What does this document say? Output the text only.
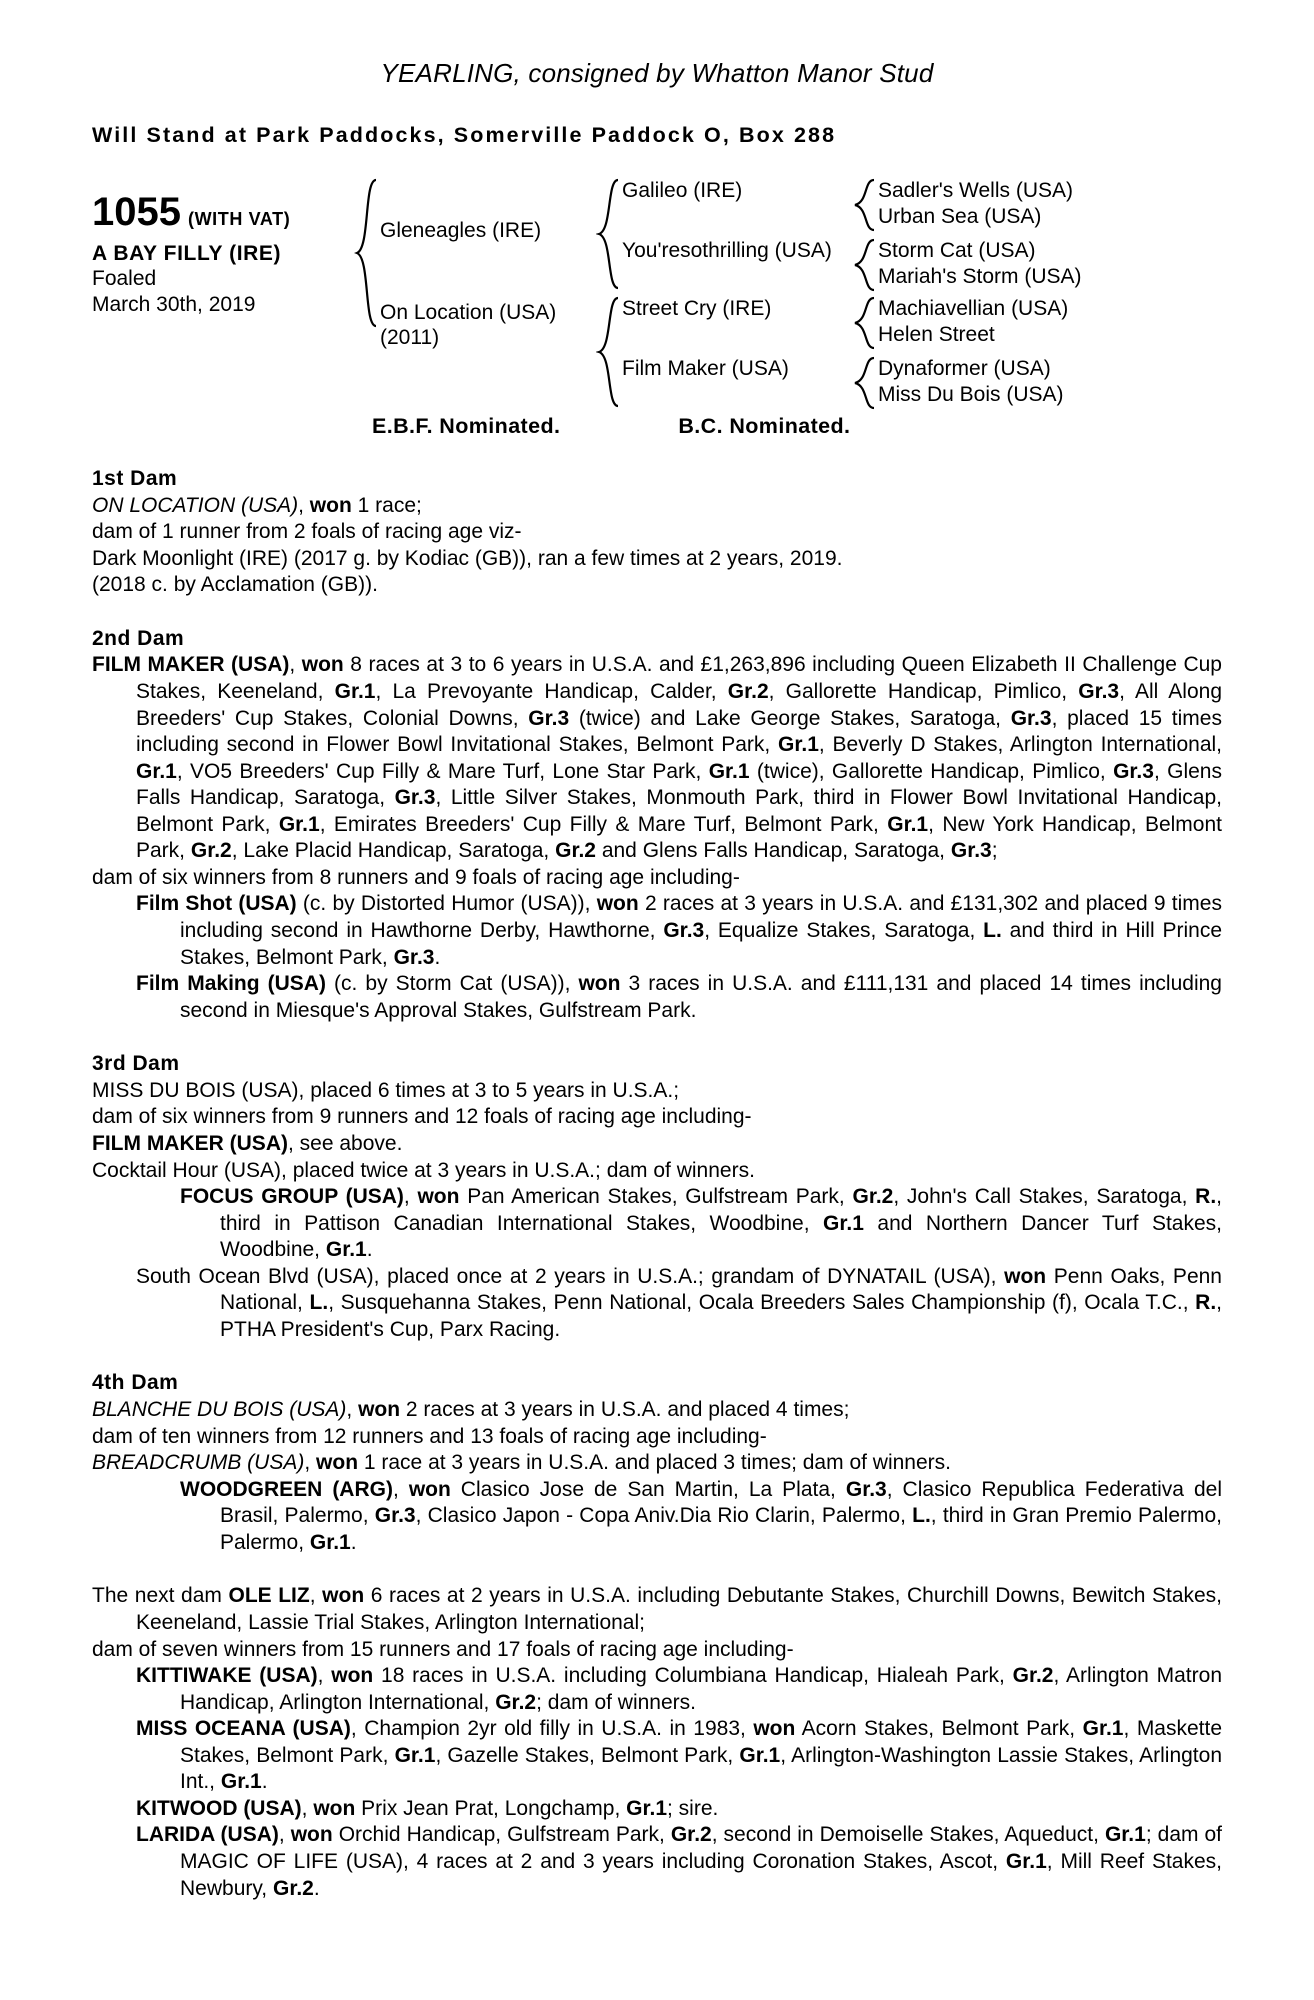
YEARLING, consigned by Whatton Manor Stud
Will Stand at Park Paddocks, Somerville Paddock O, Box 288
1055 (WITH VAT)
A BAY FILLY (IRE)
Foaled
March 30th, 2019
Gleneagles (IRE)
On Location (USA)
(2011)
Galileo (IRE)	Sadler's Wells (USA)
Urban Sea (USA)
You'resothrilling (USA)	Storm Cat (USA)
Mariah's Storm (USA)
Street Cry (IRE)	Machiavellian (USA)
Helen Street
Film Maker (USA)	Dynaformer (USA)
Miss Du Bois (USA)
E.B.F. Nominated.	B.C. Nominated.
1st Dam

ON LOCATION (USA), won 1 race;

dam of 1 runner from 2 foals of racing age viz-

Dark Moonlight (IRE) (2017 g. by Kodiac (GB)), ran a few times at 2 years, 2019.

(2018 c. by Acclamation (GB)).

2nd Dam

FILM MAKER (USA), won 8 races at 3 to 6 years in U.S.A. and £1,263,896 including Queen Elizabeth II Challenge Cup Stakes, Keeneland, Gr.1, La Prevoyante Handicap, Calder, Gr.2, Gallorette Handicap, Pimlico, Gr.3, All Along Breeders' Cup Stakes, Colonial Downs, Gr.3 (twice) and Lake George Stakes, Saratoga, Gr.3, placed 15 times including second in Flower Bowl Invitational Stakes, Belmont Park, Gr.1, Beverly D Stakes, Arlington International, Gr.1, VO5 Breeders' Cup Filly & Mare Turf, Lone Star Park, Gr.1 (twice), Gallorette Handicap, Pimlico, Gr.3, Glens Falls Handicap, Saratoga, Gr.3, Little Silver Stakes, Monmouth Park, third in Flower Bowl Invitational Handicap, Belmont Park, Gr.1, Emirates Breeders' Cup Filly & Mare Turf, Belmont Park, Gr.1, New York Handicap, Belmont Park, Gr.2, Lake Placid Handicap, Saratoga, Gr.2 and Glens Falls Handicap, Saratoga, Gr.3;

dam of six winners from 8 runners and 9 foals of racing age including-

Film Shot (USA) (c. by Distorted Humor (USA)), won 2 races at 3 years in U.S.A. and £131,302 and placed 9 times including second in Hawthorne Derby, Hawthorne, Gr.3, Equalize Stakes, Saratoga, L. and third in Hill Prince Stakes, Belmont Park, Gr.3.

Film Making (USA) (c. by Storm Cat (USA)), won 3 races in U.S.A. and £111,131 and placed 14 times including second in Miesque's Approval Stakes, Gulfstream Park.

3rd Dam

MISS DU BOIS (USA), placed 6 times at 3 to 5 years in U.S.A.;

dam of six winners from 9 runners and 12 foals of racing age including-

FILM MAKER (USA), see above.

Cocktail Hour (USA), placed twice at 3 years in U.S.A.; dam of winners.

FOCUS GROUP (USA), won Pan American Stakes, Gulfstream Park, Gr.2, John's Call Stakes, Saratoga, R., third in Pattison Canadian International Stakes, Woodbine, Gr.1 and Northern Dancer Turf Stakes, Woodbine, Gr.1.

South Ocean Blvd (USA), placed once at 2 years in U.S.A.; grandam of DYNATAIL (USA), won Penn Oaks, Penn National, L., Susquehanna Stakes, Penn National, Ocala Breeders Sales Championship (f), Ocala T.C., R., PTHA President's Cup, Parx Racing.

4th Dam

BLANCHE DU BOIS (USA), won 2 races at 3 years in U.S.A. and placed 4 times;

dam of ten winners from 12 runners and 13 foals of racing age including-

BREADCRUMB (USA), won 1 race at 3 years in U.S.A. and placed 3 times; dam of winners.

WOODGREEN (ARG), won Clasico Jose de San Martin, La Plata, Gr.3, Clasico Republica Federativa del Brasil, Palermo, Gr.3, Clasico Japon - Copa Aniv.Dia Rio Clarin, Palermo, L., third in Gran Premio Palermo, Palermo, Gr.1.

The next dam OLE LIZ, won 6 races at 2 years in U.S.A. including Debutante Stakes, Churchill Downs, Bewitch Stakes, Keeneland, Lassie Trial Stakes, Arlington International;

dam of seven winners from 15 runners and 17 foals of racing age including-

KITTIWAKE (USA), won 18 races in U.S.A. including Columbiana Handicap, Hialeah Park, Gr.2, Arlington Matron Handicap, Arlington International, Gr.2; dam of winners.

MISS OCEANA (USA), Champion 2yr old filly in U.S.A. in 1983, won Acorn Stakes, Belmont Park, Gr.1, Maskette Stakes, Belmont Park, Gr.1, Gazelle Stakes, Belmont Park, Gr.1, Arlington-Washington Lassie Stakes, Arlington Int., Gr.1.

KITWOOD (USA), won Prix Jean Prat, Longchamp, Gr.1; sire.

LARIDA (USA), won Orchid Handicap, Gulfstream Park, Gr.2, second in Demoiselle Stakes, Aqueduct, Gr.1; dam of MAGIC OF LIFE (USA), 4 races at 2 and 3 years including Coronation Stakes, Ascot, Gr.1, Mill Reef Stakes, Newbury, Gr.2.
